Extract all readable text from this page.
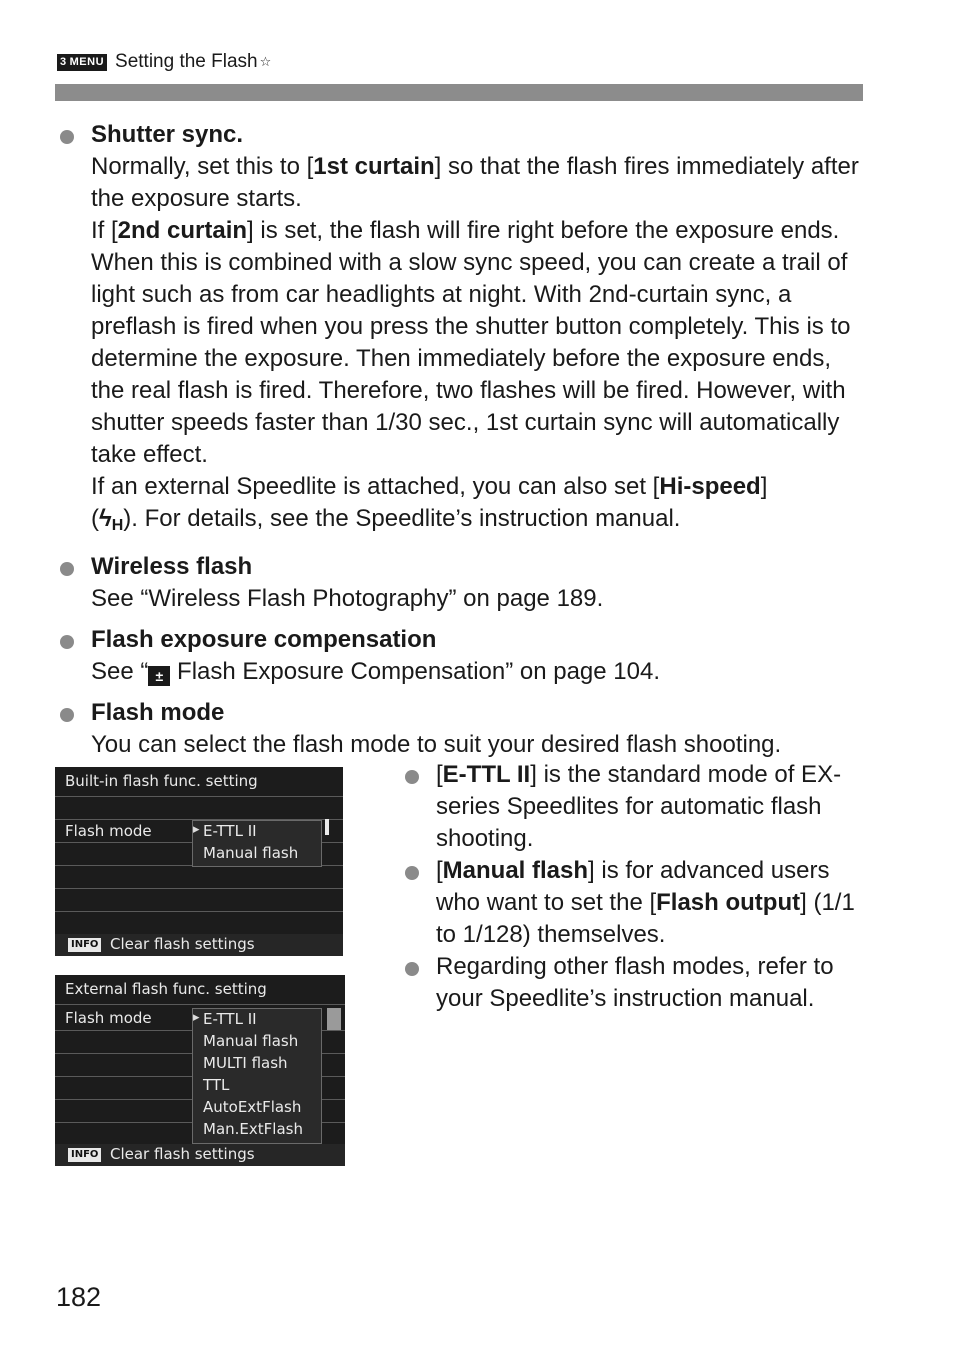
3 MENU Setting the Flash ☆
Shutter sync.
Normally, set this to [1st curtain] so that the flash fires immediately after the exposure starts.
If [2nd curtain] is set, the flash will fire right before the exposure ends. When this is combined with a slow sync speed, you can create a trail of light such as from car headlights at night. With 2nd-curtain sync, a preflash is fired when you press the shutter button completely. This is to determine the exposure. Then immediately before the exposure ends, the real flash is fired. Therefore, two flashes will be fired. However, with shutter speeds faster than 1/30 sec., 1st curtain sync will automatically take effect.
If an external Speedlite is attached, you can also set [Hi-speed]
$(ϟ_H)$. For details, see the Speedlite’s instruction manual.
Wireless flash
See “Wireless Flash Photography” on page 189.
Flash exposure compensation
See “ ± Flash Exposure Compensation” on page 104.
Flash mode
You can select the flash mode to suit your desired flash shooting.
Built-in flash func. setting
Flash mode	▸ E-TTL II
Manual flash
INFO Clear flash settings
External flash func. setting
Flash mode	▸ E-TTL II
Manual flash
MULTI flash
TTL
AutoExtFlash
Man.ExtFlash
INFO Clear flash settings
[E-TTL II] is the standard mode of EX-series Speedlites for automatic flash shooting.
[Manual flash] is for advanced users who want to set the [Flash output] (1/1 to 1/128) themselves.
Regarding other flash modes, refer to your Speedlite’s instruction manual.
182
